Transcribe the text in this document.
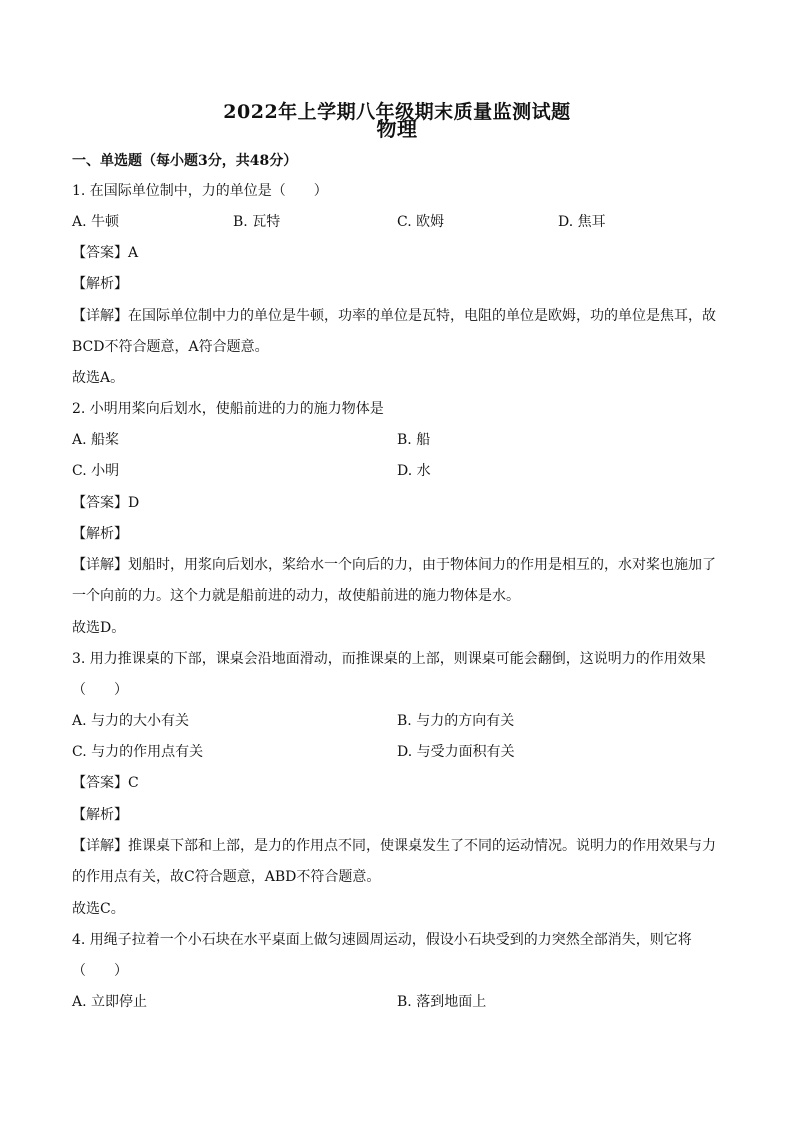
2022年上学期八年级期末质量监测试题
物理
一、单选题（每小题3分，共48分）
1. 在国际单位制中，力的单位是（　　）
A. 牛顿	B. 瓦特	C. 欧姆	D. 焦耳
【答案】A
【解析】
【详解】在国际单位制中力的单位是牛顿，功率的单位是瓦特，电阻的单位是欧姆，功的单位是焦耳，故
BCD不符合题意，A符合题意。
故选A。
2. 小明用桨向后划水，使船前进的力的施力物体是
A. 船桨	B. 船
C. 小明	D. 水
【答案】D
【解析】
【详解】划船时，用浆向后划水，桨给水一个向后的力，由于物体间力的作用是相互的，水对桨也施加了
一个向前的力。这个力就是船前进的动力，故使船前进的施力物体是水。
故选D。
3. 用力推课桌的下部，课桌会沿地面滑动，而推课桌的上部，则课桌可能会翻倒，这说明力的作用效果
（　　）
A. 与力的大小有关	B. 与力的方向有关
C. 与力的作用点有关	D. 与受力面积有关
【答案】C
【解析】
【详解】推课桌下部和上部，是力的作用点不同，使课桌发生了不同的运动情况。说明力的作用效果与力
的作用点有关，故C符合题意，ABD不符合题意。
故选C。
4. 用绳子拉着一个小石块在水平桌面上做匀速圆周运动，假设小石块受到的力突然全部消失，则它将
（　　）
A. 立即停止	B. 落到地面上
